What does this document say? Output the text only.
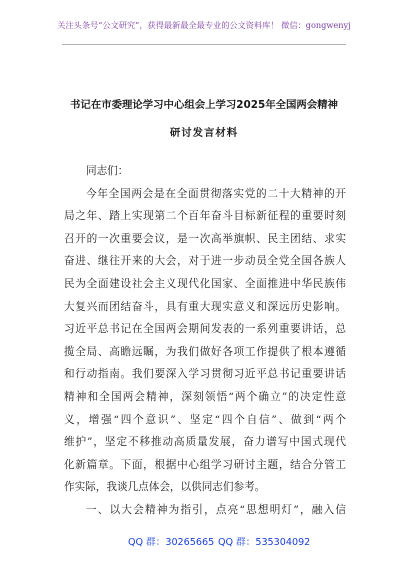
关注头条号“公文研究”，获得最新最全最专业的公文资料库！ 微信：gongwenyj
书记在市委理论学习中心组会上学习2025年全国两会精神
研讨发言材料
同志们：
今年全国两会是在全面贯彻落实党的二十大精神的开
局之年、踏上实现第二个百年奋斗目标新征程的重要时刻
召开的一次重要会议，是一次高举旗帜、民主团结、求实
奋进、继往开来的大会，对于进一步动员全党全国各族人
民为全面建设社会主义现代化国家、全面推进中华民族伟
大复兴而团结奋斗，具有重大现实意义和深远历史影响。
习近平总书记在全国两会期间发表的一系列重要讲话，总
揽全局、高瞻远瞩，为我们做好各项工作提供了根本遵循
和行动指南。我们要深入学习贯彻习近平总书记重要讲话
精神和全国两会精神，深刻领悟“两个确立”的决定性意
义，增强“四个意识”、坚定“四个自信”、做到“两个
维护”，坚定不移推动高质量发展，奋力谱写中国式现代
化新篇章。下面，根据中心组学习研讨主题，结合分管工
作实际，我谈几点体会，以供同志们参考。
一、以大会精神为指引，点亮“思想明灯”，融入信
QQ 群：30265665 QQ 群：535304092
